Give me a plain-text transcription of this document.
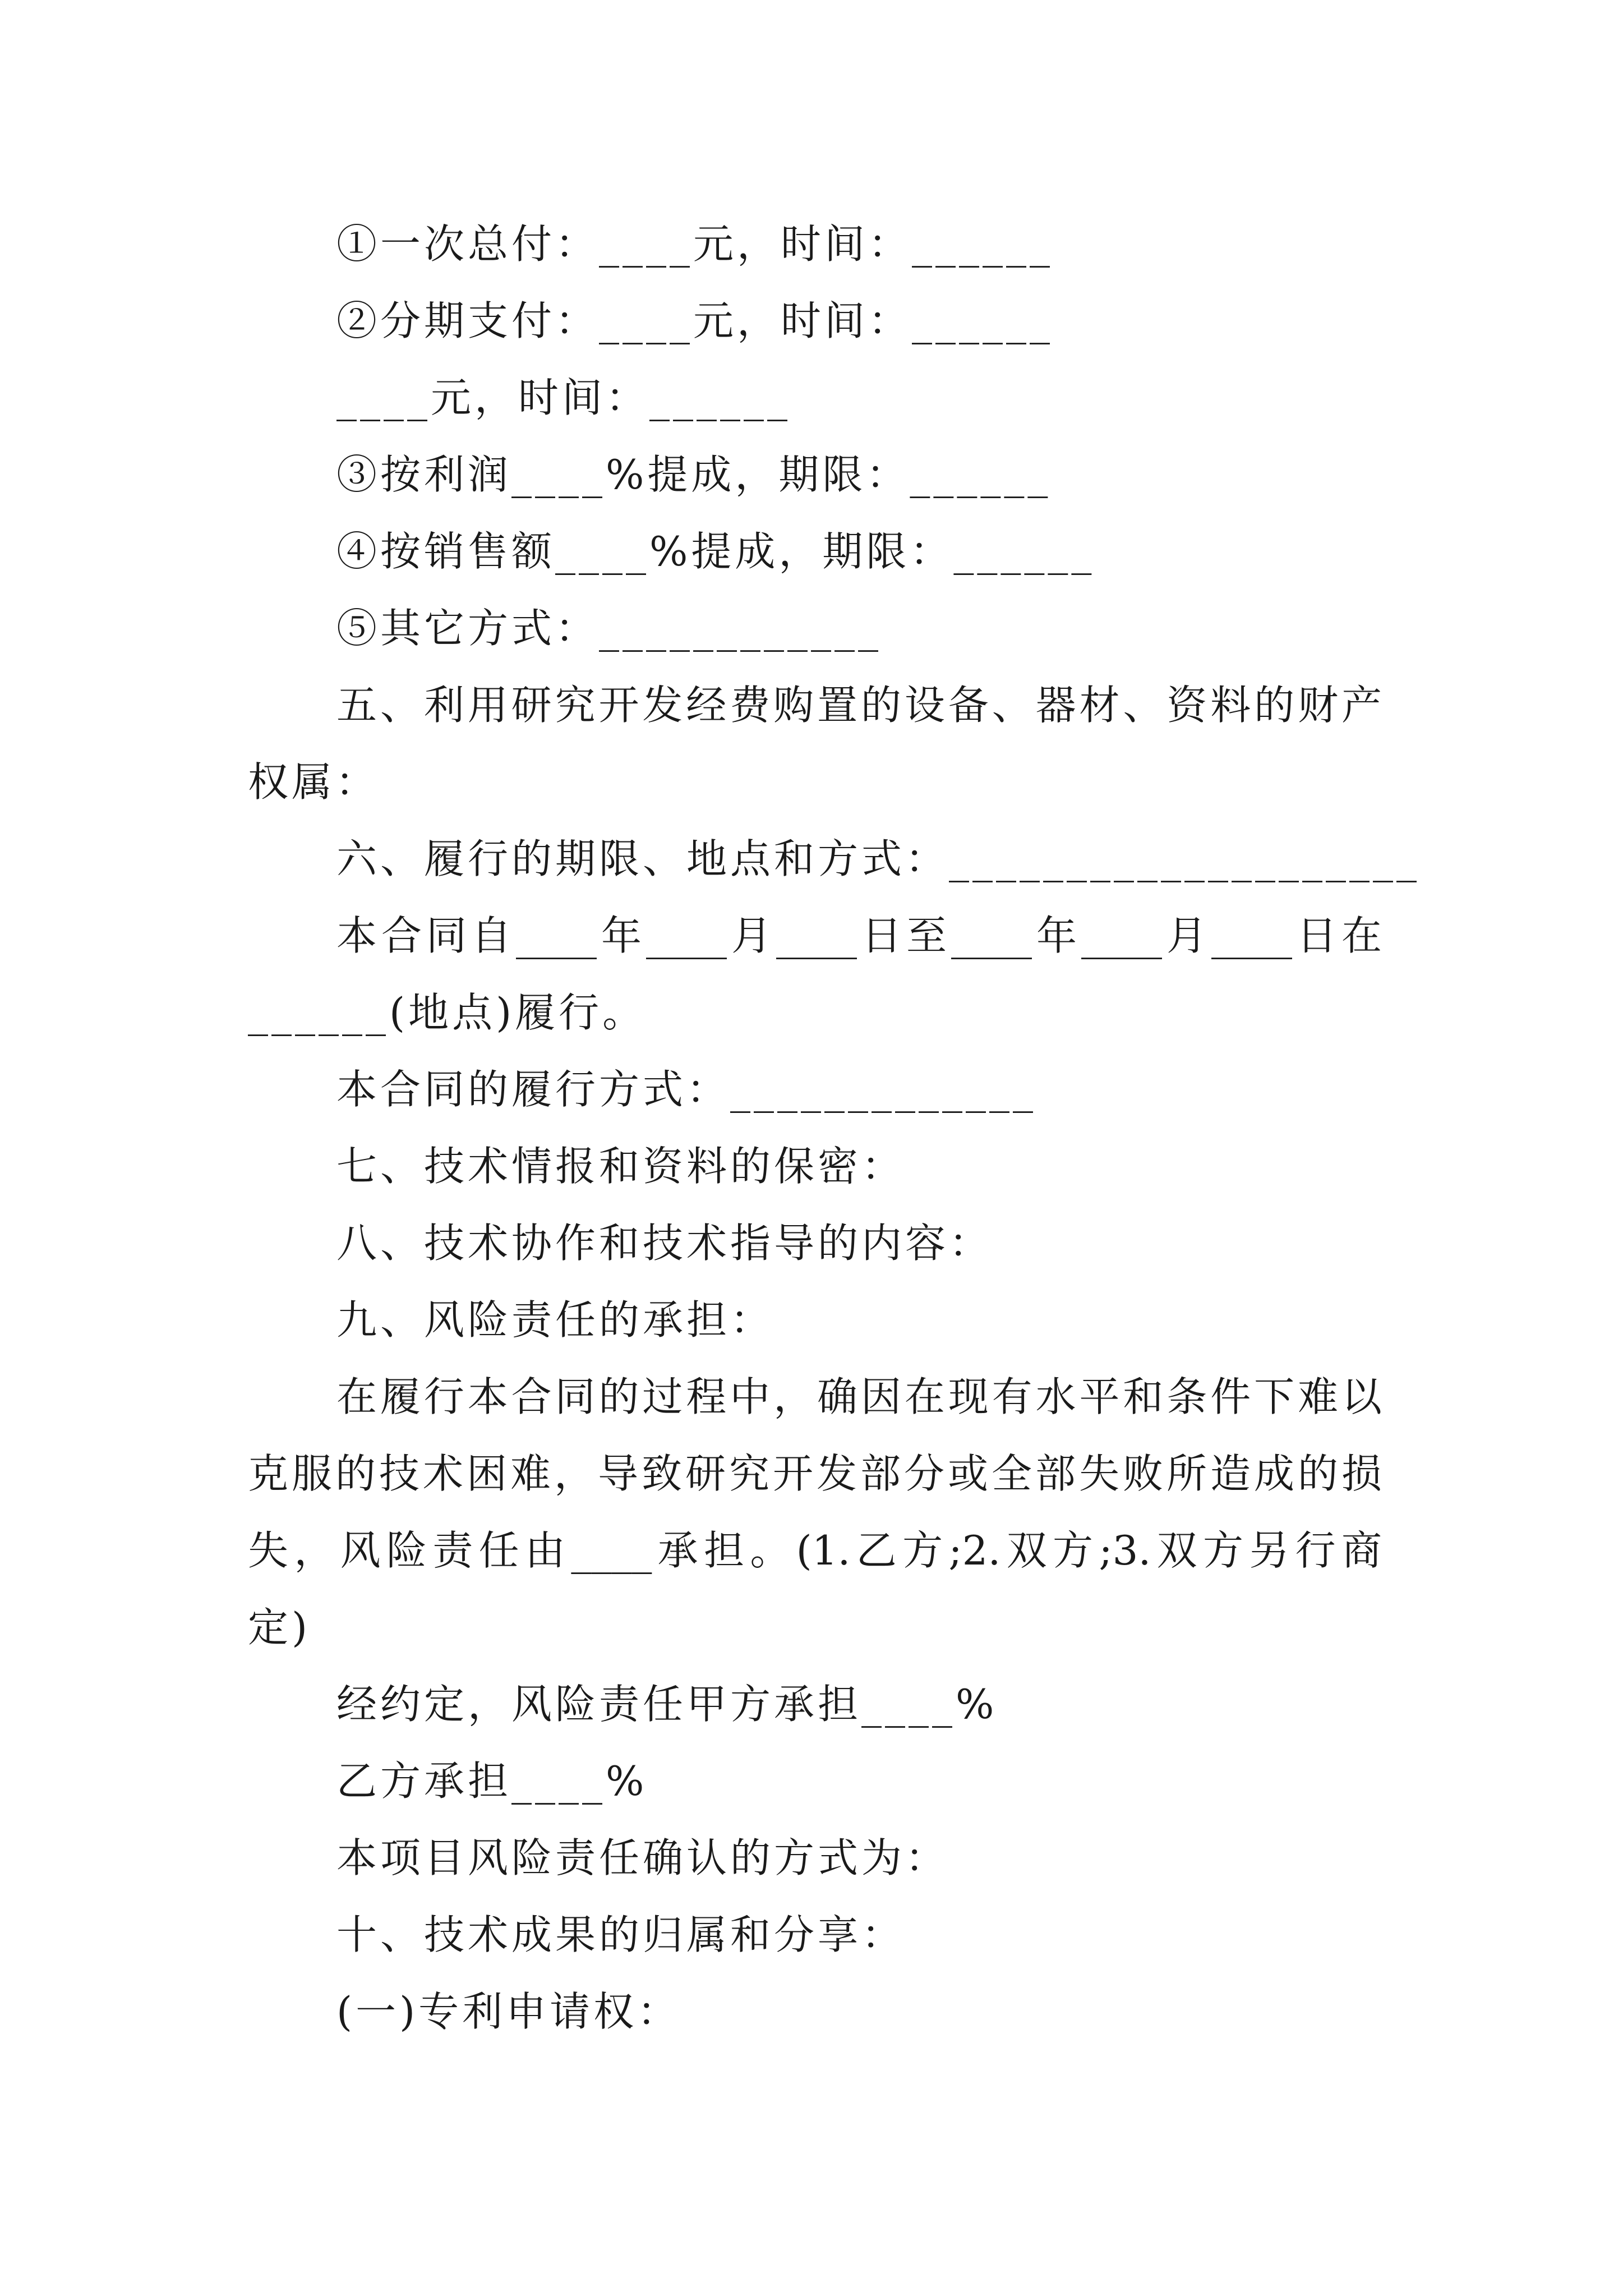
①一次总付：____元，时间：______
②分期支付：____元，时间：______
____元，时间：______
③按利润____%提成，期限：______
④按销售额____%提成，期限：______
⑤其它方式：____________
五、利用研究开发经费购置的设备、器材、资料的财产
权属：
六、履行的期限、地点和方式：____________________
本合同自____年____月____日至____年____月____日在
______(地点)履行。
本合同的履行方式：_____________
七、技术情报和资料的保密：
八、技术协作和技术指导的内容：
九、风险责任的承担：
在履行本合同的过程中，确因在现有水平和条件下难以
克服的技术困难，导致研究开发部分或全部失败所造成的损
失，风险责任由____承担。(1.乙方;2.双方;3.双方另行商
定)
经约定，风险责任甲方承担____%
乙方承担____%
本项目风险责任确认的方式为：
十、技术成果的归属和分享：
(一)专利申请权：
